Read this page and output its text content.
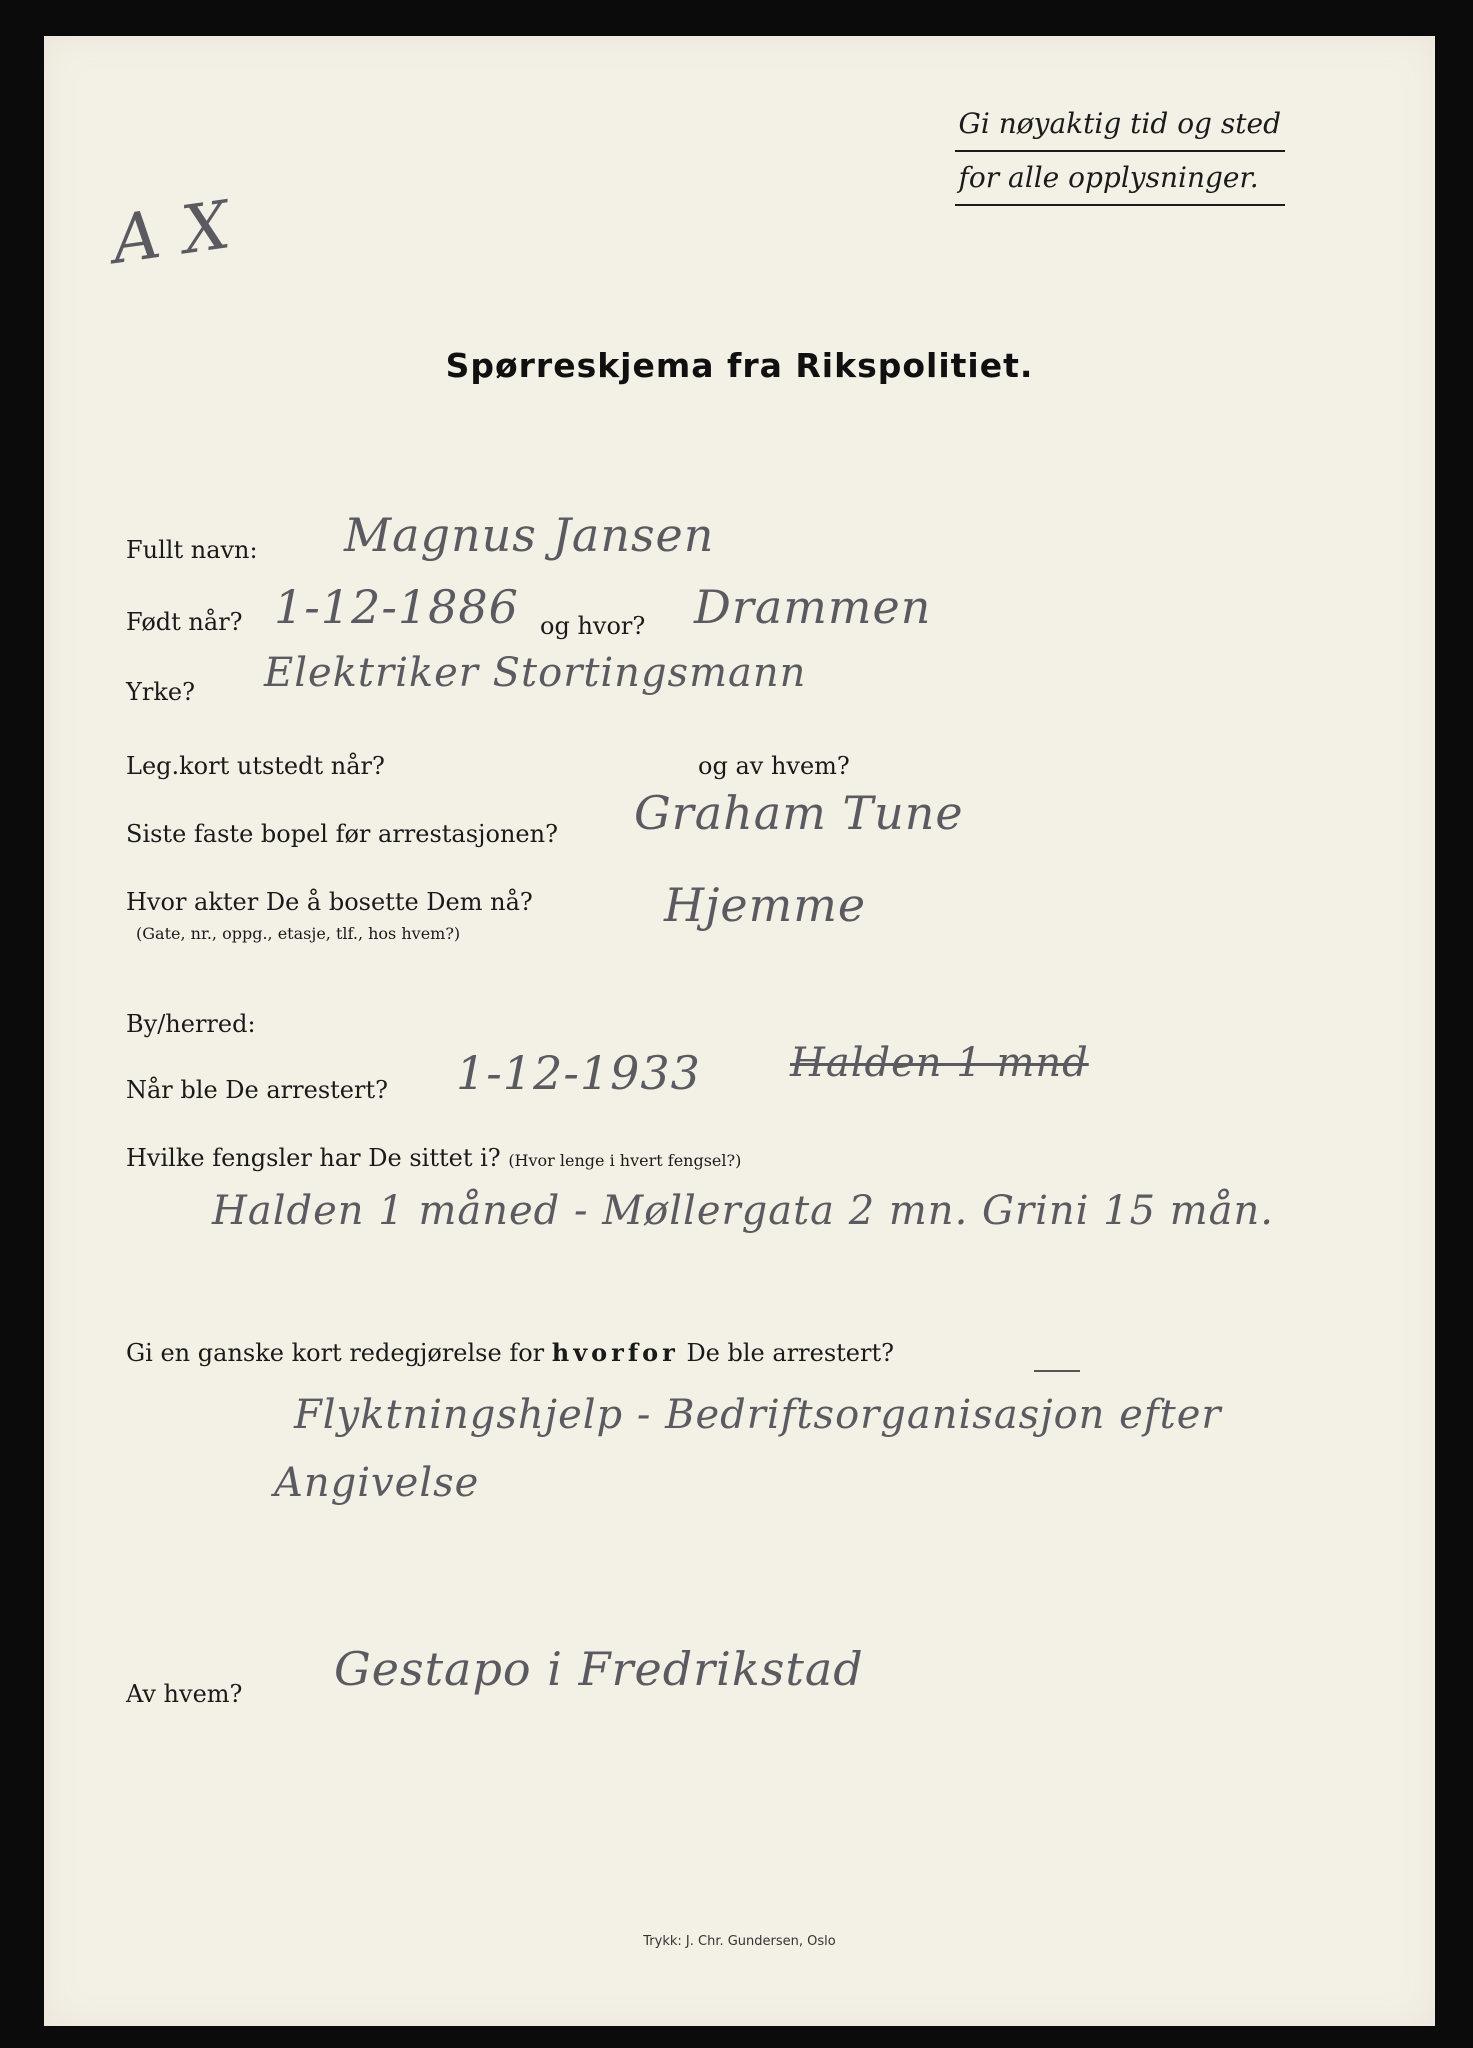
Gi nøyaktig tid og sted
for alle opplysninger.
A X
Spørreskjema fra Rikspolitiet.
Fullt navn: Magnus Jansen
Født når? 1-12-1886 og hvor? Drammen
Yrke? Elektriker Stortingsmann
Leg.kort utstedt når?	og av hvem?
Siste faste bopel før arrestasjonen? Graham Tune
Hvor akter De å bosette Dem nå?
(Gate, nr., oppg., etasje, tlf., hos hvem?)
Hjemme
By/herred:
Når ble De arrestert? 1-12-1933 Halden 1 mnd
Hvilke fengsler har De sittet i? (Hvor lenge i hvert fengsel?)
Halden 1 måned - Møllergata 2 mn. Grini 15 mån.
Gi en ganske kort redegjørelse for hvorfor De ble arrestert?
Flyktningshjelp - Bedriftsorganisasjon efter
Angivelse
Av hvem? Gestapo i Fredrikstad
Trykk: J. Chr. Gundersen, Oslo
